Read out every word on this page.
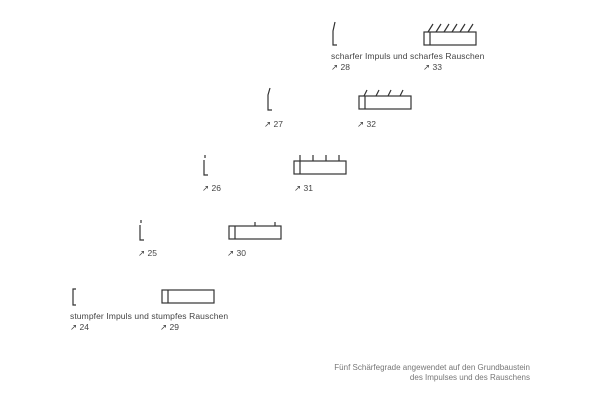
scharfer Impuls und scharfes Rauschen
↗ 28	↗ 33
↗ 27	↗ 32
↗ 26	↗ 31
↗ 25	↗ 30
stumpfer Impuls und stumpfes Rauschen
↗ 24	↗ 29
Fünf Schärfegrade angewendet auf den Grundbaustein
des Impulses und des Rauschens
